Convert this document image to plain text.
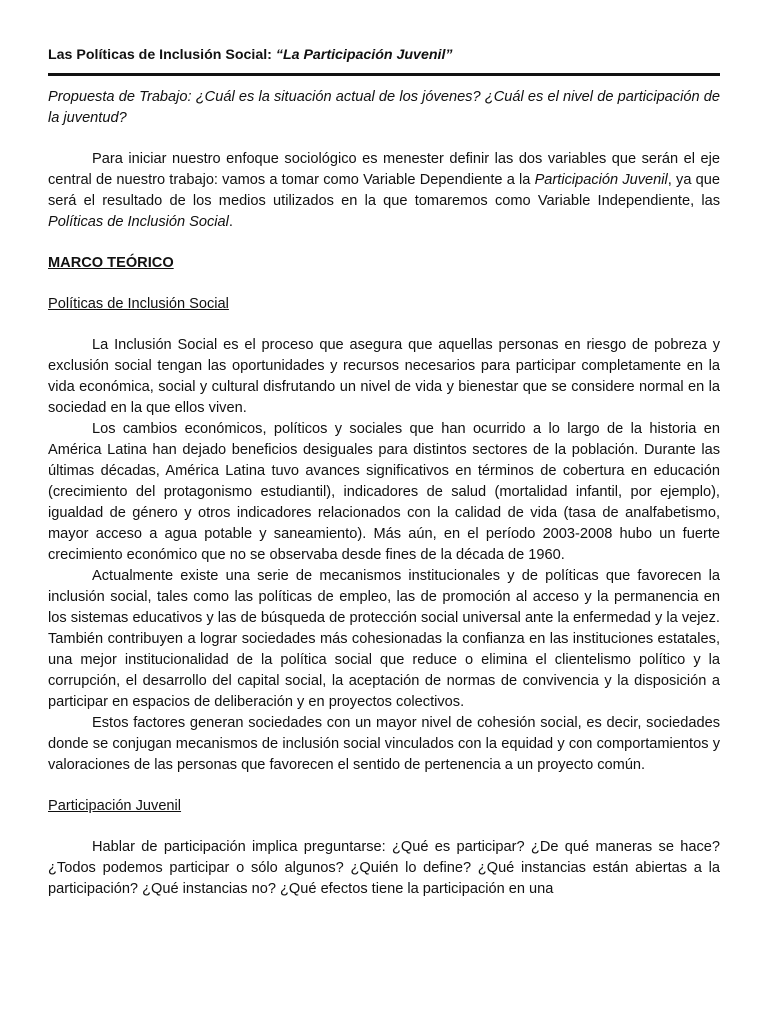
Las Políticas de Inclusión Social: “La Participación Juvenil”

Propuesta de Trabajo: ¿Cuál es la situación actual de los jóvenes? ¿Cuál es el nivel de participación de la juventud?

Para iniciar nuestro enfoque sociológico es menester definir las dos variables que serán el eje central de nuestro trabajo: vamos a tomar como Variable Dependiente a la Participación Juvenil, ya que será el resultado de los medios utilizados en la que tomaremos como Variable Independiente, las Políticas de Inclusión Social.

MARCO TEÓRICO

Políticas de Inclusión Social

La Inclusión Social es el proceso que asegura que aquellas personas en riesgo de pobreza y exclusión social tengan las oportunidades y recursos necesarios para participar completamente en la vida económica, social y cultural disfrutando un nivel de vida y bienestar que se considere normal en la sociedad en la que ellos viven.

Los cambios económicos, políticos y sociales que han ocurrido a lo largo de la historia en América Latina han dejado beneficios desiguales para distintos sectores de la población. Durante las últimas décadas, América Latina tuvo avances significativos en términos de cobertura en educación (crecimiento del protagonismo estudiantil), indicadores de salud (mortalidad infantil, por ejemplo), igualdad de género y otros indicadores relacionados con la calidad de vida (tasa de analfabetismo, mayor acceso a agua potable y saneamiento). Más aún, en el período 2003-2008 hubo un fuerte crecimiento económico que no se observaba desde fines de la década de 1960.

Actualmente existe una serie de mecanismos institucionales y de políticas que favorecen la inclusión social, tales como las políticas de empleo, las de promoción al acceso y la permanencia en los sistemas educativos y las de búsqueda de protección social universal ante la enfermedad y la vejez. También contribuyen a lograr sociedades más cohesionadas la confianza en las instituciones estatales, una mejor institucionalidad de la política social que reduce o elimina el clientelismo político y la corrupción, el desarrollo del capital social, la aceptación de normas de convivencia y la disposición a participar en espacios de deliberación y en proyectos colectivos.

Estos factores generan sociedades con un mayor nivel de cohesión social, es decir, sociedades donde se conjugan mecanismos de inclusión social vinculados con la equidad y con comportamientos y valoraciones de las personas que favorecen el sentido de pertenencia a un proyecto común.

Participación Juvenil

Hablar de participación implica preguntarse: ¿Qué es participar? ¿De qué maneras se hace? ¿Todos podemos participar o sólo algunos? ¿Quién lo define? ¿Qué instancias están abiertas a la participación? ¿Qué instancias no? ¿Qué efectos tiene la participación en una
